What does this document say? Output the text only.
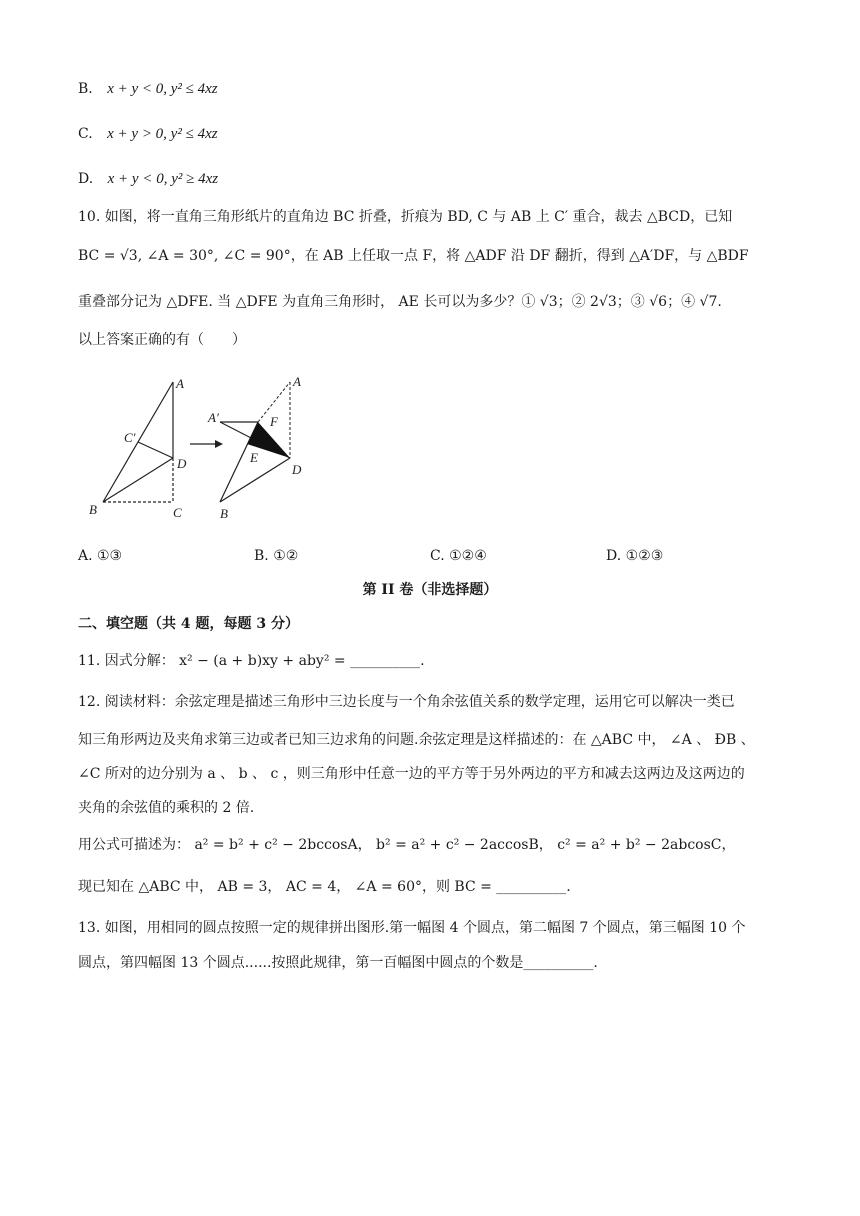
B. x + y < 0, y² ≤ 4xz
C. x + y > 0, y² ≤ 4xz
D. x + y < 0, y² ≥ 4xz
10. 如图，将一直角三角形纸片的直角边 BC 折叠，折痕为 BD, C 与 AB 上 C′ 重合，裁去 △BCD，已知
BC = √3, ∠A = 30°, ∠C = 90°，在 AB 上任取一点 F，将 △ADF 沿 DF 翻折，得到 △A′DF，与 △BDF
重叠部分记为 △DFE. 当 △DFE 为直角三角形时， AE 长可以为多少？① √3；② 2√3；③ √6；④ √7.
以上答案正确的有（　　）
A
C′
D
B	C
A
A′	F
E
D
B
A. ①③	B. ①②	C. ①②④	D. ①②③
第 II 卷（非选择题）
二、填空题（共 4 题，每题 3 分）
11. 因式分解： x² − (a + b)xy + aby² = __________.
12. 阅读材料：余弦定理是描述三角形中三边长度与一个角余弦值关系的数学定理，运用它可以解决一类已
知三角形两边及夹角求第三边或者已知三边求角的问题.余弦定理是这样描述的：在 △ABC 中， ∠A 、 ÐB 、
∠C 所对的边分别为 a 、 b 、 c ，则三角形中任意一边的平方等于另外两边的平方和减去这两边及这两边的
夹角的余弦值的乘积的 2 倍.
用公式可描述为： a² = b² + c² − 2bccosA， b² = a² + c² − 2accosB， c² = a² + b² − 2abcosC，
现已知在 △ABC 中， AB = 3， AC = 4， ∠A = 60°，则 BC = __________.
13. 如图，用相同的圆点按照一定的规律拼出图形.第一幅图 4 个圆点，第二幅图 7 个圆点，第三幅图 10 个
圆点，第四幅图 13 个圆点......按照此规律，第一百幅图中圆点的个数是__________.
